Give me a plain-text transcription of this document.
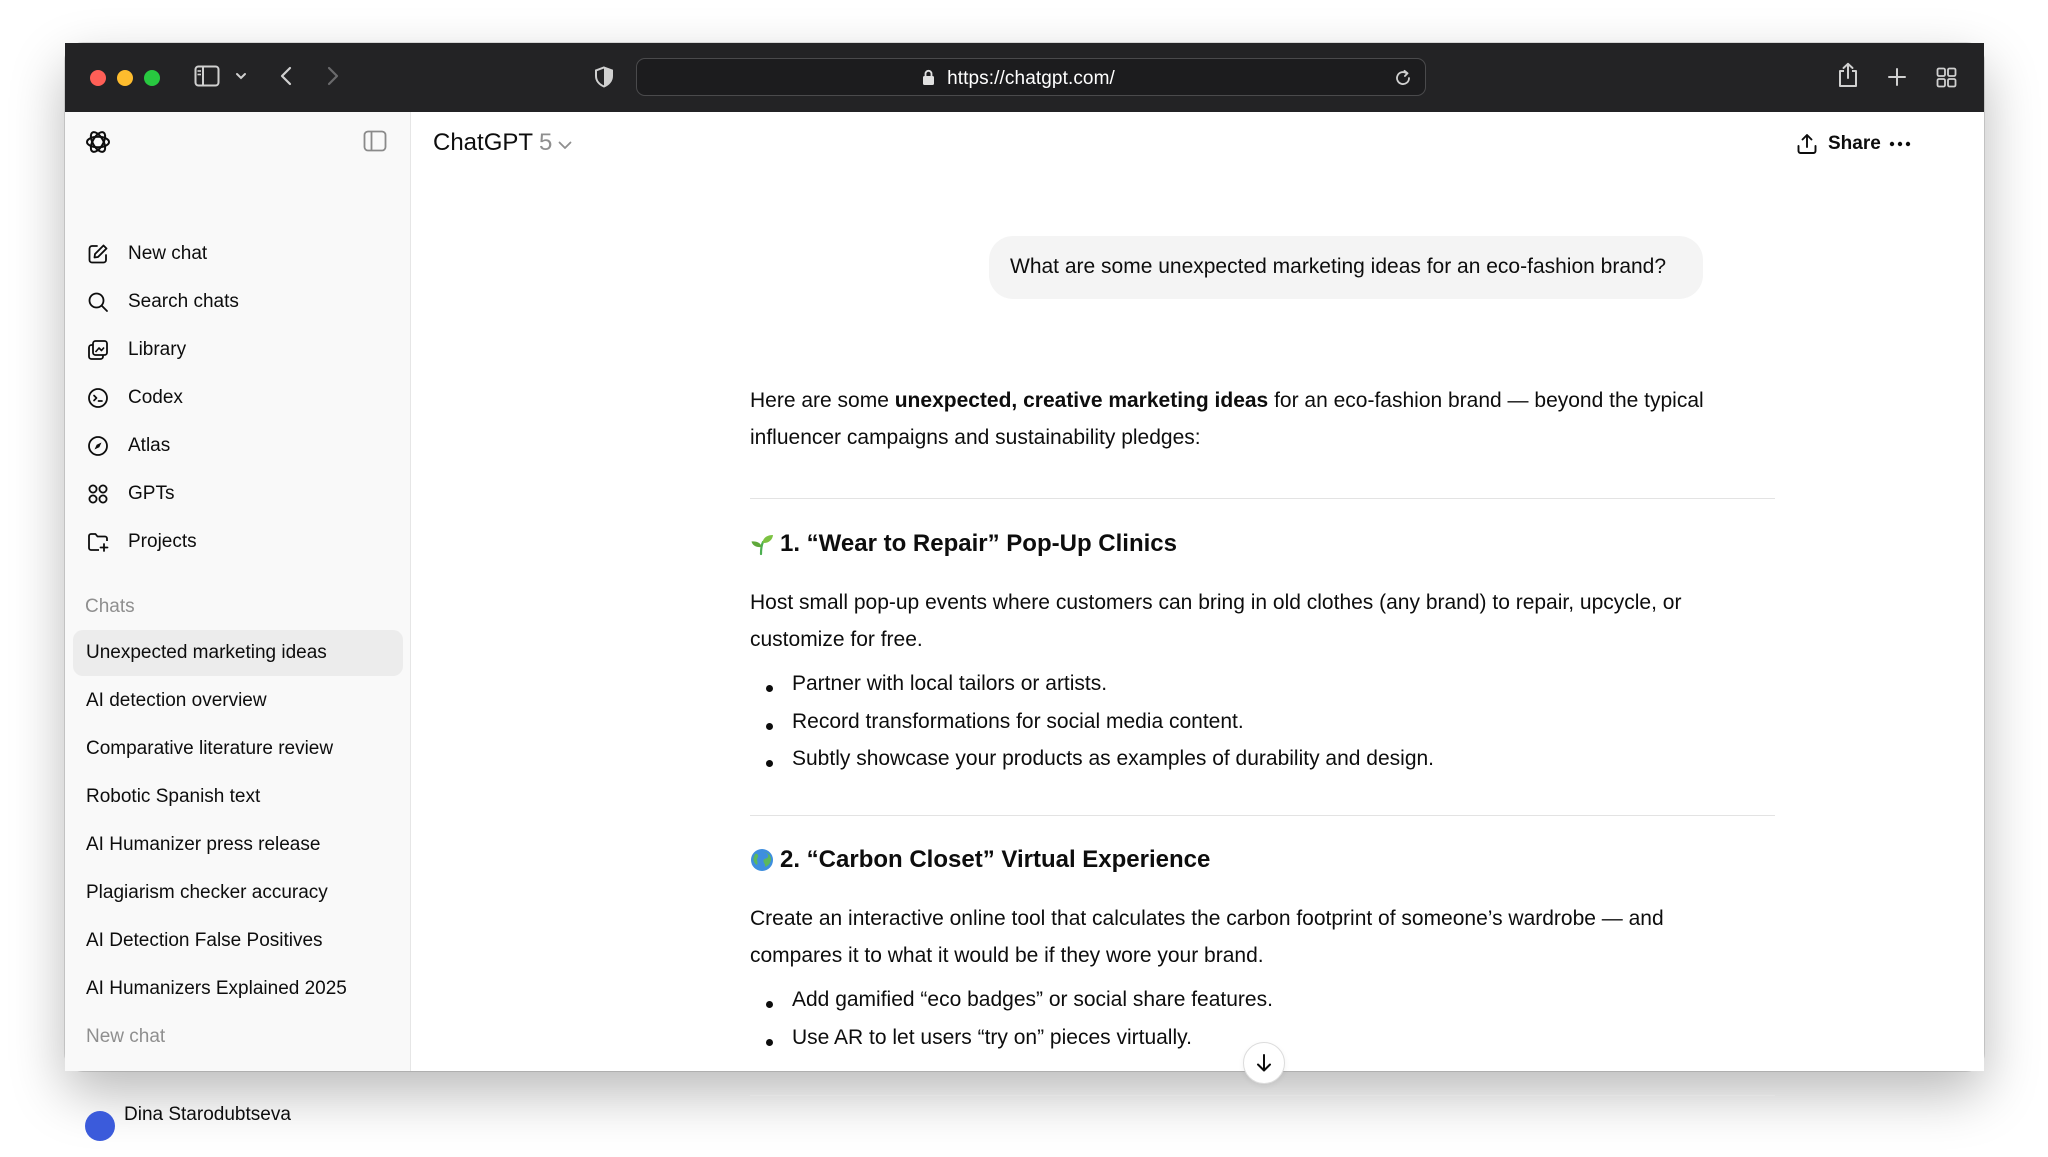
https://chatgpt.com/
New chat
Search chats
Library
Codex
Atlas
GPTs
Projects
Chats
Unexpected marketing ideas
AI detection overview
Comparative literature review
Robotic Spanish text
AI Humanizer press release
Plagiarism checker accuracy
AI Detection False Positives
AI Humanizers Explained 2025
New chat
Dina Starodubtseva
ChatGPT 5	Share
What are some unexpected marketing ideas for an eco-fashion brand?
Here are some unexpected, creative marketing ideas for an eco-fashion brand — beyond the typical influencer campaigns and sustainability pledges:
1. “Wear to Repair” Pop-Up Clinics
Host small pop-up events where customers can bring in old clothes (any brand) to repair, upcycle, or customize for free.
Partner with local tailors or artists.
Record transformations for social media content.
Subtly showcase your products as examples of durability and design.
2. “Carbon Closet” Virtual Experience
Create an interactive online tool that calculates the carbon footprint of someone’s wardrobe — and compares it to what it would be if they wore your brand.
Add gamified “eco badges” or social share features.
Use AR to let users “try on” pieces virtually.
